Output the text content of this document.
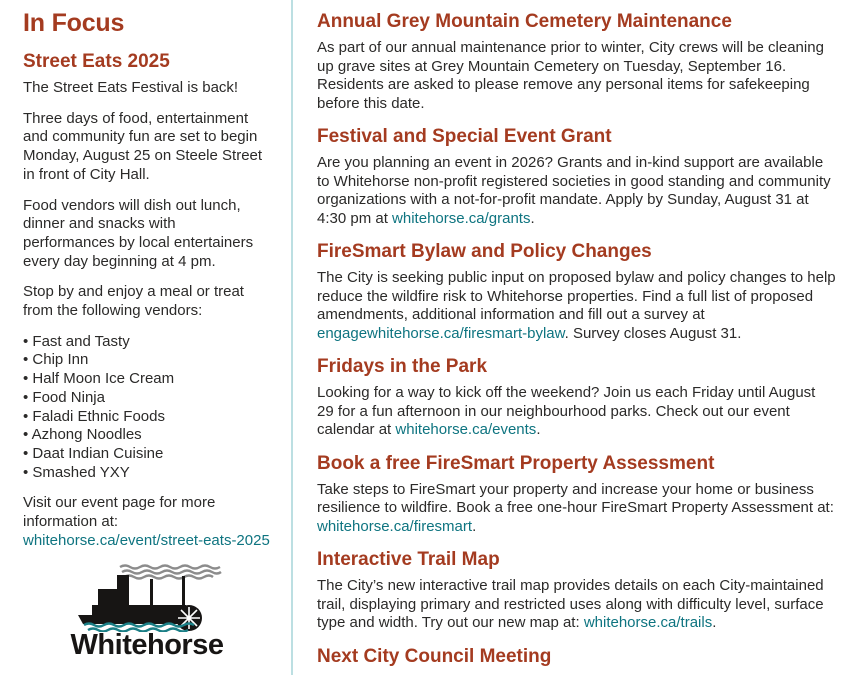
In Focus
Street Eats 2025

The Street Eats Festival is back!

Three days of food, entertainment and community fun are set to begin Monday, August 25 on Steele Street in front of City Hall.

Food vendors will dish out lunch, dinner and snacks with performances by local entertainers every day beginning at 4 pm.

Stop by and enjoy a meal or treat from the following vendors:

• Fast and Tasty
• Chip Inn
• Half Moon Ice Cream
• Food Ninja
• Faladi Ethnic Foods
• Azhong Noodles
• Daat Indian Cuisine
• Smashed YXY

Visit our event page for more information at: whitehorse.ca/event/street-eats-2025

Whitehorse
Annual Grey Mountain Cemetery Maintenance

As part of our annual maintenance prior to winter, City crews will be cleaning up grave sites at Grey Mountain Cemetery on Tuesday, September 16. Residents are asked to please remove any personal items for safekeeping before this date.

Festival and Special Event Grant

Are you planning an event in 2026? Grants and in-kind support are available to Whitehorse non-profit registered societies in good standing and community organizations with a not-for-profit mandate. Apply by Sunday, August 31 at 4:30 pm at whitehorse.ca/grants.

FireSmart Bylaw and Policy Changes

The City is seeking public input on proposed bylaw and policy changes to help reduce the wildfire risk to Whitehorse properties. Find a full list of proposed amendments, additional information and fill out a survey at engagewhitehorse.ca/firesmart-bylaw. Survey closes August 31.

Fridays in the Park

Looking for a way to kick off the weekend? Join us each Friday until August 29 for a fun afternoon in our neighbourhood parks. Check out our event calendar at whitehorse.ca/events.

Book a free FireSmart Property Assessment

Take steps to FireSmart your property and increase your home or business resilience to wildfire. Book a free one-hour FireSmart Property Assessment at: whitehorse.ca/firesmart.

Interactive Trail Map

The City’s new interactive trail map provides details on each City-maintained trail, displaying primary and restricted uses along with difficulty level, surface type and width. Try out our new map at: whitehorse.ca/trails.

Next City Council Meeting
